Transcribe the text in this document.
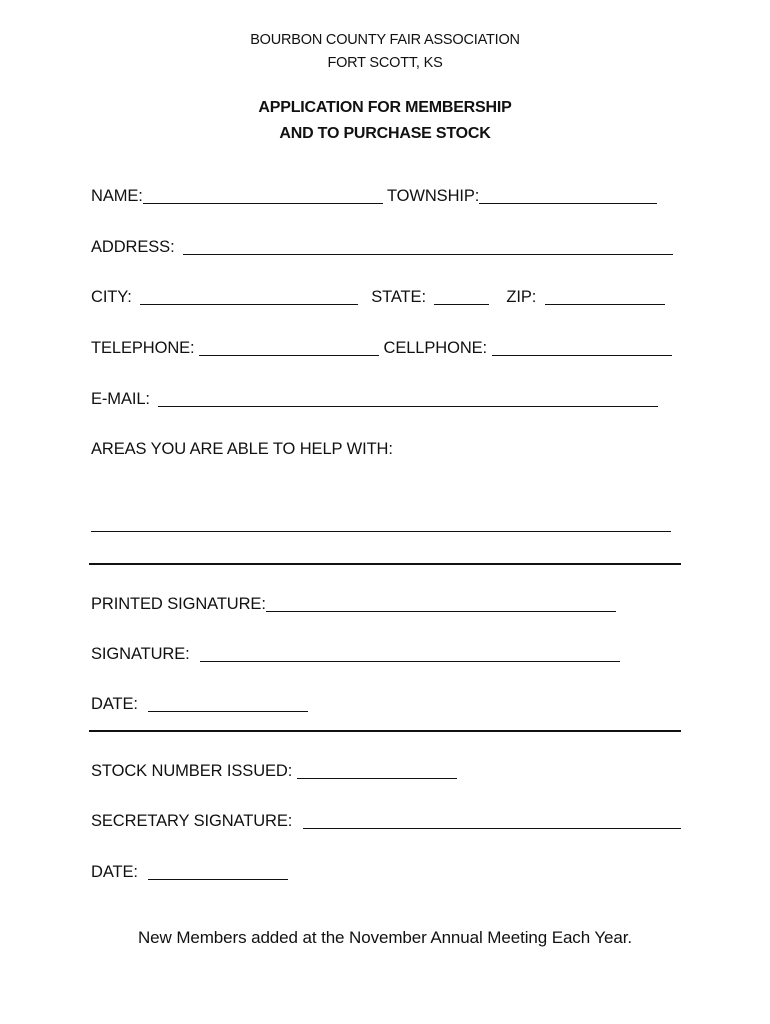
BOURBON COUNTY FAIR ASSOCIATION
FORT SCOTT, KS
APPLICATION FOR MEMBERSHIP
AND TO PURCHASE STOCK
NAME:	TOWNSHIP:
ADDRESS:
CITY:	STATE:	ZIP:
TELEPHONE:	CELLPHONE:
E-MAIL:
AREAS YOU ARE ABLE TO HELP WITH:
PRINTED SIGNATURE:
SIGNATURE:
DATE:
STOCK NUMBER ISSUED:
SECRETARY SIGNATURE:
DATE:
New Members added at the November Annual Meeting Each Year.
